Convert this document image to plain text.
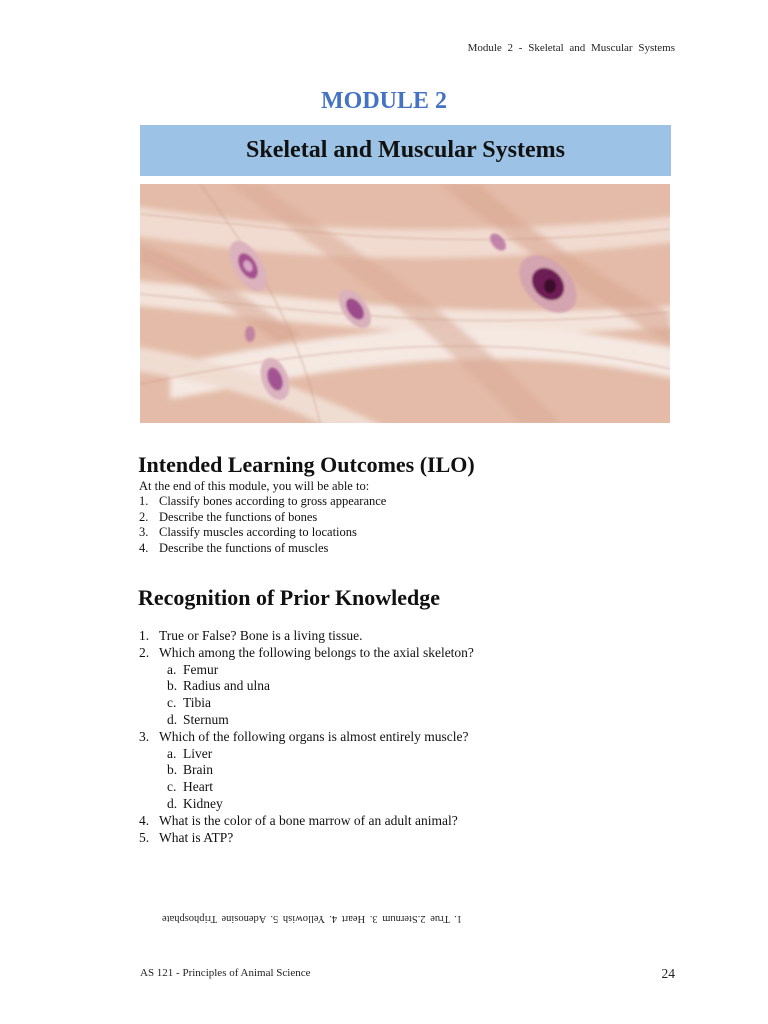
Module 2 - Skeletal and Muscular Systems
MODULE 2
Skeletal and Muscular Systems
Intended Learning Outcomes (ILO)
At the end of this module, you will be able to:
1. Classify bones according to gross appearance
2. Describe the functions of bones
3. Classify muscles according to locations
4. Describe the functions of muscles
Recognition of Prior Knowledge
1. True or False? Bone is a living tissue.
2. Which among the following belongs to the axial skeleton?
a. Femur
b. Radius and ulna
c. Tibia
d. Sternum
3. Which of the following organs is almost entirely muscle?
a. Liver
b. Brain
c. Heart
d. Kidney
4. What is the color of a bone marrow of an adult animal?
5. What is ATP?
1. True 2.Sternum 3. Heart 4. Yellowish 5. Adenosine Triphosphate
AS 121 - Principles of Animal Science	24
